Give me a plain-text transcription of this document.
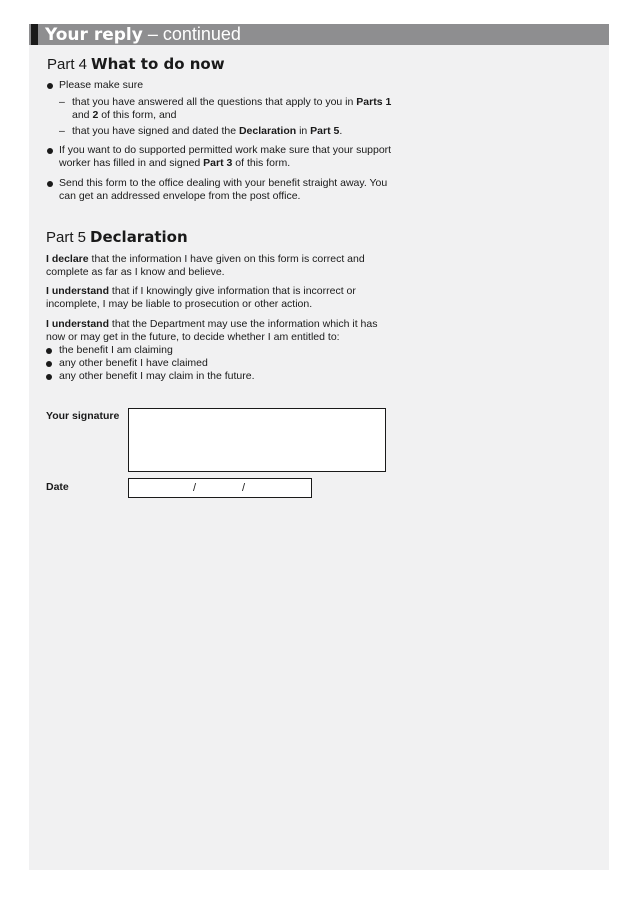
Your reply – continued
Part 4 What to do now
Please make sure
– that you have answered all the questions that apply to you in Parts 1
and 2 of this form, and
– that you have signed and dated the Declaration in Part 5.
If you want to do supported permitted work make sure that your support
worker has filled in and signed Part 3 of this form.
Send this form to the office dealing with your benefit straight away. You
can get an addressed envelope from the post office.
Part 5 Declaration
I declare that the information I have given on this form is correct and
complete as far as I know and believe.
I understand that if I knowingly give information that is incorrect or
incomplete, I may be liable to prosecution or other action.
I understand that the Department may use the information which it has
now or may get in the future, to decide whether I am entitled to:
the benefit I am claiming
any other benefit I have claimed
any other benefit I may claim in the future.
Your signature
Date	/	/
